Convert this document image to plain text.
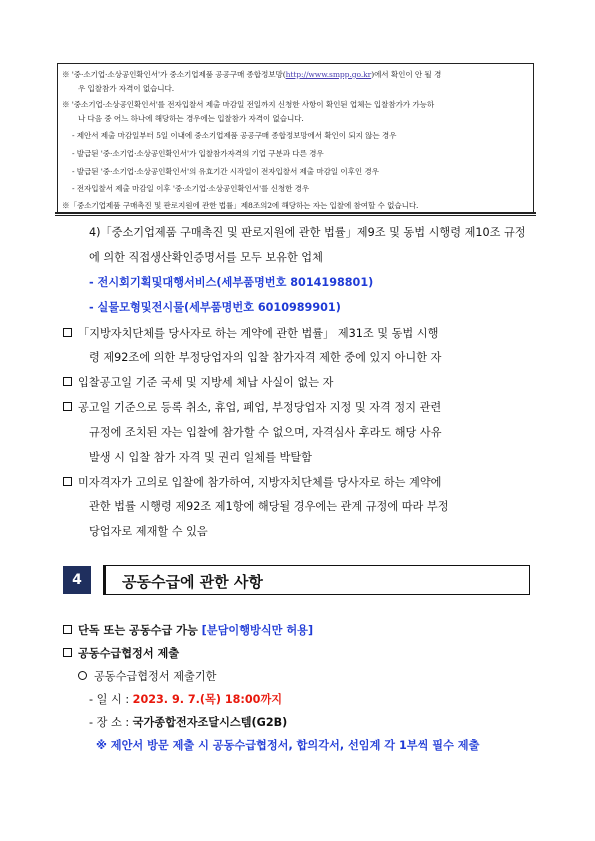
※ '중·소기업·소상공인확인서'가 중소기업제품 공공구매 종합정보망(http://www.smpp.go.kr)에서 확인이 안 될 경
우 입찰참가 자격이 없습니다.
※ '중소기업·소상공인확인서'를 전자입찰서 제출 마감일 전일까지 신청한 사항이 확인된 업체는 입찰참가가 가능하
나 다음 중 어느 하나에 해당하는 경우에는 입찰참가 자격이 없습니다.
- 제안서 제출 마감일부터 5일 이내에 중소기업제품 공공구매 종합정보망에서 확인이 되지 않는 경우
- 발급된 '중·소기업·소상공인확인서'가 입찰참가자격의 기업 구분과 다른 경우
- 발급된 '중·소기업·소상공인확인서'의 유효기간 시작일이 전자입찰서 제출 마감일 이후인 경우
- 전자입찰서 제출 마감일 이후 '중·소기업·소상공인확인서'를 신청한 경우
※「중소기업제품 구매촉진 및 판로지원에 관한 법률」제8조의2에 해당하는 자는 입찰에 참여할 수 없습니다.
4)「중소기업제품 구매촉진 및 판로지원에 관한 법률」제9조 및 동법 시행령 제10조 규정
에 의한 직접생산확인증명서를 모두 보유한 업체
- 전시회기획및대행서비스(세부품명번호 8014198801)
- 실물모형및전시물(세부품명번호 6010989901)
「지방자치단체를 당사자로 하는 계약에 관한 법률」 제31조 및 동법 시행
령 제92조에 의한 부정당업자의 입찰 참가자격 제한 중에 있지 아니한 자
입찰공고일 기준 국세 및 지방세 체납 사실이 없는 자
공고일 기준으로 등록 취소, 휴업, 폐업, 부정당업자 지정 및 자격 정지 관련
규정에 조치된 자는 입찰에 참가할 수 없으며, 자격심사 후라도 해당 사유
발생 시 입찰 참가 자격 및 권리 일체를 박탈함
미자격자가 고의로 입찰에 참가하여, 지방자치단체를 당사자로 하는 계약에
관한 법률 시행령 제92조 제1항에 해당될 경우에는 관계 규정에 따라 부정
당업자로 제재할 수 있음
4	공동수급에 관한 사항
단독 또는 공동수급 가능 [분담이행방식만 허용]
공동수급협정서 제출
공동수급협정서 제출기한
- 일 시 : 2023. 9. 7.(목) 18:00까지
- 장 소 : 국가종합전자조달시스템(G2B)
※ 제안서 방문 제출 시 공동수급협정서, 합의각서, 선임계 각 1부씩 필수 제출
